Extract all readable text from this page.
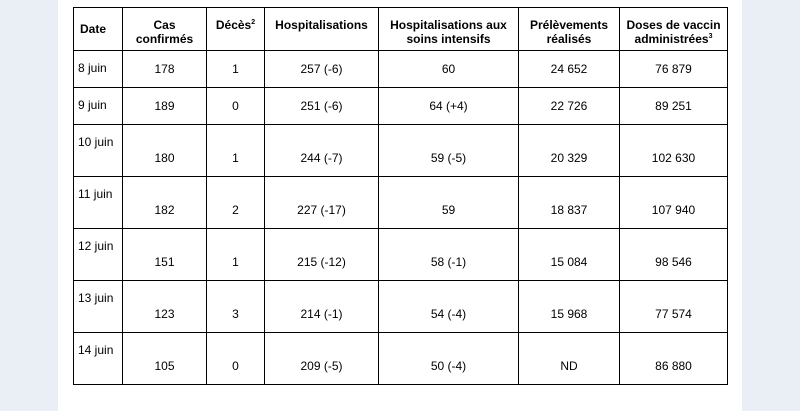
Date	Cas confirmés	Décès$^2$	Hospitalisations	Hospitalisations aux soins intensifs	Prélèvements réalisés	Doses de vaccin administrées$^3$
8 juin	178	1	257 (-6)	60	24 652	76 879
9 juin	189	0	251 (-6)	64 (+4)	22 726	89 251
10 juin	180	1	244 (-7)	59 (-5)	20 329	102 630
11 juin	182	2	227 (-17)	59	18 837	107 940
12 juin	151	1	215 (-12)	58 (-1)	15 084	98 546
13 juin	123	3	214 (-1)	54 (-4)	15 968	77 574
14 juin	105	0	209 (-5)	50 (-4)	ND	86 880
